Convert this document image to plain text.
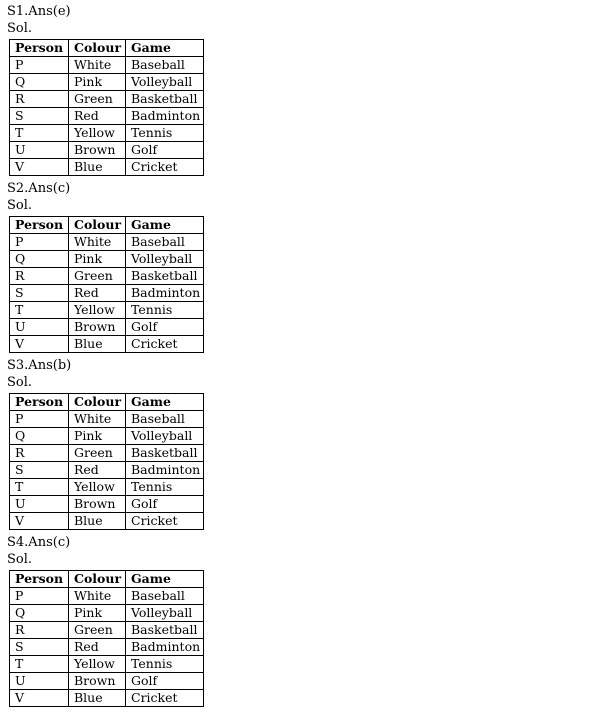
S1.Ans(e)
Sol.
Person	Colour	Game
P	White	Baseball
Q	Pink	Volleyball
R	Green	Basketball
S	Red	Badminton
T	Yellow	Tennis
U	Brown	Golf
V	Blue	Cricket
S2.Ans(c)
Sol.
Person	Colour	Game
P	White	Baseball
Q	Pink	Volleyball
R	Green	Basketball
S	Red	Badminton
T	Yellow	Tennis
U	Brown	Golf
V	Blue	Cricket
S3.Ans(b)
Sol.
Person	Colour	Game
P	White	Baseball
Q	Pink	Volleyball
R	Green	Basketball
S	Red	Badminton
T	Yellow	Tennis
U	Brown	Golf
V	Blue	Cricket
S4.Ans(c)
Sol.
Person	Colour	Game
P	White	Baseball
Q	Pink	Volleyball
R	Green	Basketball
S	Red	Badminton
T	Yellow	Tennis
U	Brown	Golf
V	Blue	Cricket
